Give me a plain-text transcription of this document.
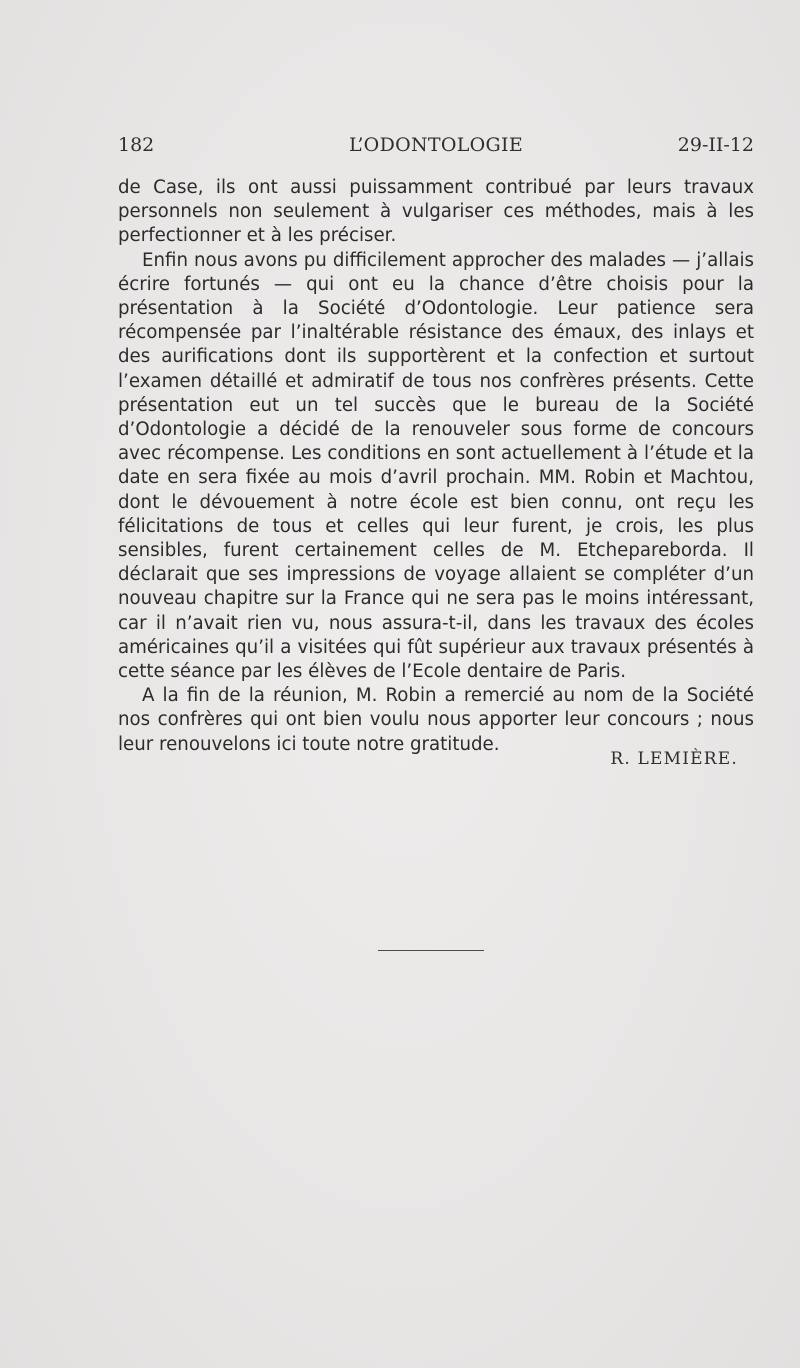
182	L’ODONTOLOGIE	29-II-12

de Case, ils ont aussi puissamment contribué par leurs travaux personnels non seulement à vulgariser ces méthodes, mais à les perfectionner et à les préciser.

Enfin nous avons pu difficilement approcher des malades — j’allais écrire fortunés — qui ont eu la chance d’être choisis pour la présentation à la Société d’Odontologie. Leur patience sera récompensée par l’inaltérable résistance des émaux, des inlays et des aurifications dont ils supportèrent et la confection et surtout l’examen détaillé et admiratif de tous nos confrères présents. Cette présentation eut un tel succès que le bureau de la Société d’Odontologie a décidé de la renouveler sous forme de concours avec récompense. Les conditions en sont actuellement à l’étude et la date en sera fixée au mois d’avril prochain. MM. Robin et Machtou, dont le dévouement à notre école est bien connu, ont reçu les félicitations de tous et celles qui leur furent, je crois, les plus sensibles, furent certainement celles de M. Etchepareborda. Il déclarait que ses impressions de voyage allaient se compléter d’un nouveau chapitre sur la France qui ne sera pas le moins intéressant, car il n’avait rien vu, nous assura-t-il, dans les travaux des écoles américaines qu’il a visitées qui fût supérieur aux travaux présentés à cette séance par les élèves de l’Ecole dentaire de Paris.

A la fin de la réunion, M. Robin a remercié au nom de la Société nos confrères qui ont bien voulu nous apporter leur concours ; nous leur renouvelons ici toute notre gratitude.

R. LEMIÈRE.
